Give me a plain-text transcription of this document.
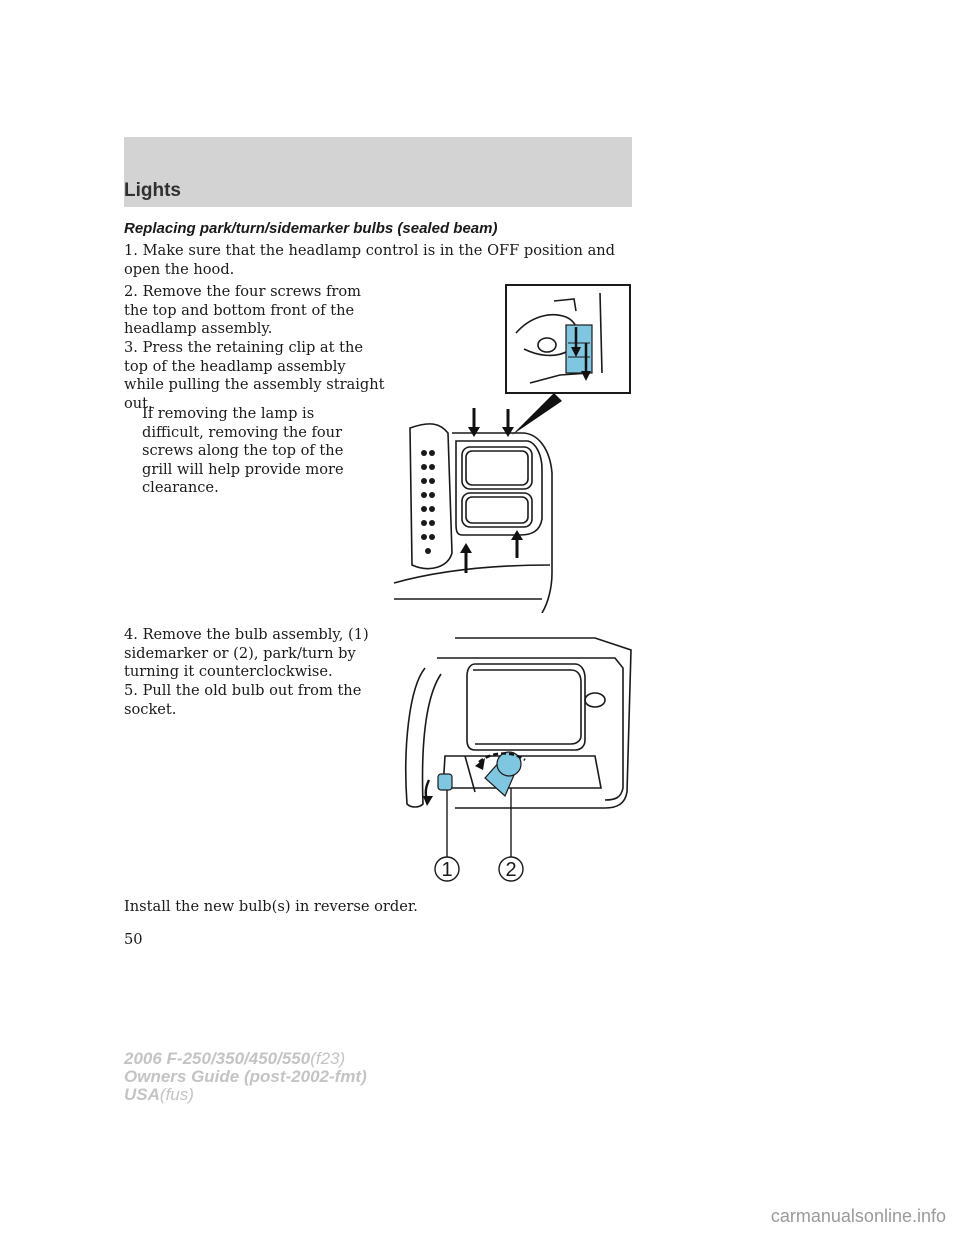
Lights
Replacing park/turn/sidemarker bulbs (sealed beam)

1. Make sure that the headlamp control is in the OFF position and open the hood.

2. Remove the four screws from the top and bottom front of the headlamp assembly.

3. Press the retaining clip at the top of the headlamp assembly while pulling the assembly straight out.

If removing the lamp is difficult, removing the four screws along the top of the grill will help provide more clearance.

4. Remove the bulb assembly, (1) sidemarker or (2), park/turn by turning it counterclockwise.

5. Pull the old bulb out from the socket.

Install the new bulb(s) in reverse order.

1	2
50
2006 F-250/350/450/550(f23)
Owners Guide (post-2002-fmt)
USA(fus)
carmanualsonline.info
